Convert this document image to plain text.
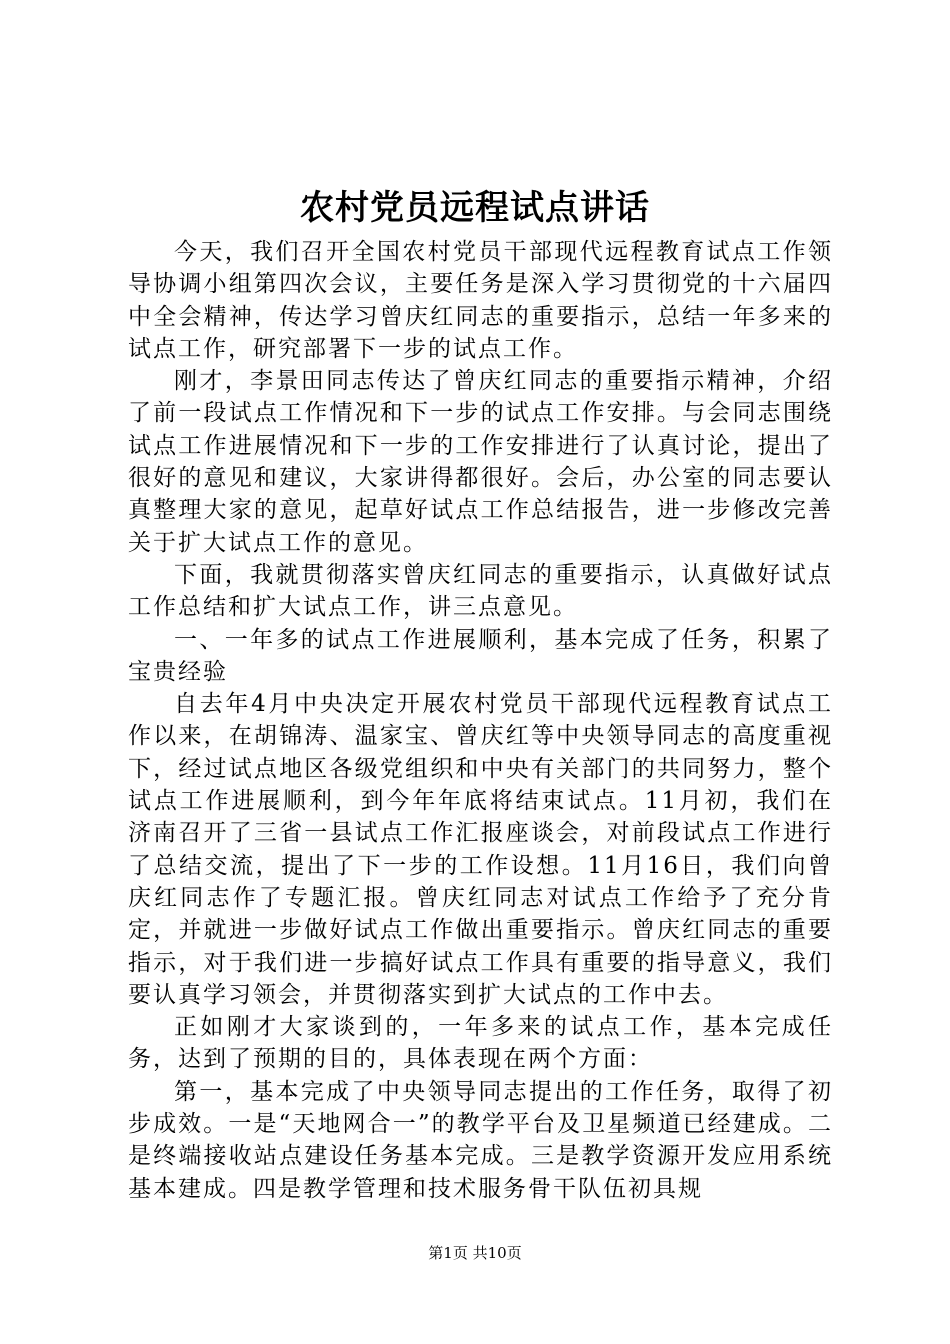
农村党员远程试点讲话

今天，我们召开全国农村党员干部现代远程教育试点工作领导协调小组第四次会议，主要任务是深入学习贯彻党的十六届四中全会精神，传达学习曾庆红同志的重要指示，总结一年多来的试点工作，研究部署下一步的试点工作。

刚才，李景田同志传达了曾庆红同志的重要指示精神，介绍了前一段试点工作情况和下一步的试点工作安排。与会同志围绕试点工作进展情况和下一步的工作安排进行了认真讨论，提出了很好的意见和建议，大家讲得都很好。会后，办公室的同志要认真整理大家的意见，起草好试点工作总结报告，进一步修改完善关于扩大试点工作的意见。

下面，我就贯彻落实曾庆红同志的重要指示，认真做好试点工作总结和扩大试点工作，讲三点意见。

一、一年多的试点工作进展顺利，基本完成了任务，积累了宝贵经验

自去年4月中央决定开展农村党员干部现代远程教育试点工作以来，在胡锦涛、温家宝、曾庆红等中央领导同志的高度重视下，经过试点地区各级党组织和中央有关部门的共同努力，整个试点工作进展顺利，到今年年底将结束试点。11月初，我们在济南召开了三省一县试点工作汇报座谈会，对前段试点工作进行了总结交流，提出了下一步的工作设想。11月16日，我们向曾庆红同志作了专题汇报。曾庆红同志对试点工作给予了充分肯定，并就进一步做好试点工作做出重要指示。曾庆红同志的重要指示，对于我们进一步搞好试点工作具有重要的指导意义，我们要认真学习领会，并贯彻落实到扩大试点的工作中去。

正如刚才大家谈到的，一年多来的试点工作，基本完成任务，达到了预期的目的，具体表现在两个方面：

第一，基本完成了中央领导同志提出的工作任务，取得了初步成效。一是“天地网合一”的教学平台及卫星频道已经建成。二是终端接收站点建设任务基本完成。三是教学资源开发应用系统基本建成。四是教学管理和技术服务骨干队伍初具规

第1页 共10页
